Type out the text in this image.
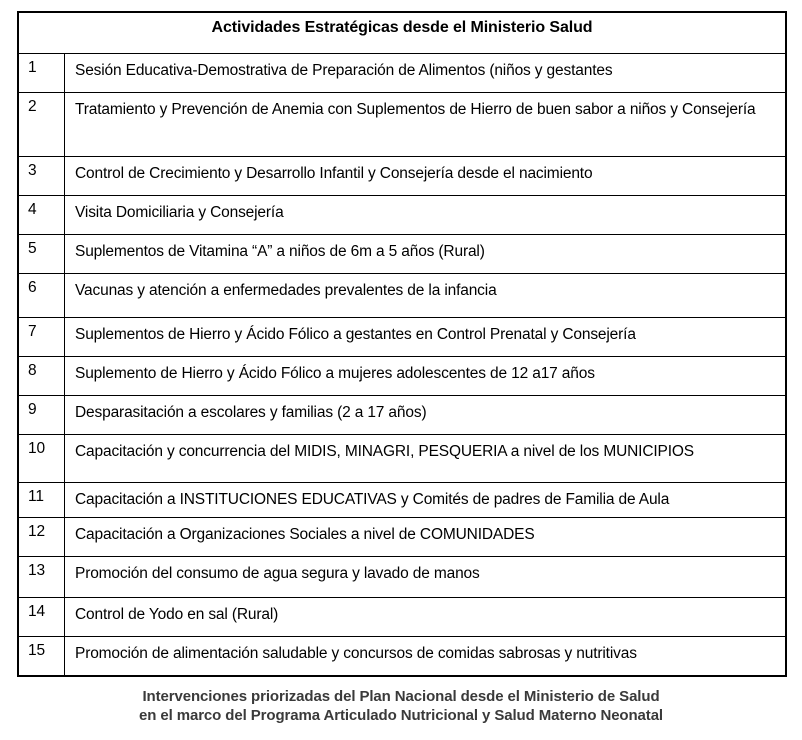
Actividades Estratégicas desde el Ministerio Salud
1	Sesión Educativa-Demostrativa de Preparación de Alimentos (niños y gestantes
2	Tratamiento y Prevención de Anemia con Suplementos de Hierro de buen sabor a niños y Consejería
3	Control de Crecimiento y Desarrollo Infantil y Consejería desde el nacimiento
4	Visita Domiciliaria y Consejería
5	Suplementos de Vitamina “A” a niños de 6m a 5 años (Rural)
6	Vacunas y atención a enfermedades prevalentes de la infancia
7	Suplementos de Hierro y Ácido Fólico a gestantes en Control Prenatal y Consejería
8	Suplemento de Hierro y Ácido Fólico a mujeres adolescentes de 12 a17 años
9	Desparasitación a escolares y familias (2 a 17 años)
10	Capacitación y concurrencia del MIDIS, MINAGRI, PESQUERIA a nivel de los MUNICIPIOS
11	Capacitación a INSTITUCIONES EDUCATIVAS y Comités de padres de Familia de Aula
12	Capacitación a Organizaciones Sociales a nivel de COMUNIDADES
13	Promoción del consumo de agua segura y lavado de manos
14	Control de Yodo en sal (Rural)
15	Promoción de alimentación saludable y concursos de comidas sabrosas y nutritivas
Intervenciones priorizadas del Plan Nacional desde el Ministerio de Salud
en el marco del Programa Articulado Nutricional y Salud Materno Neonatal
